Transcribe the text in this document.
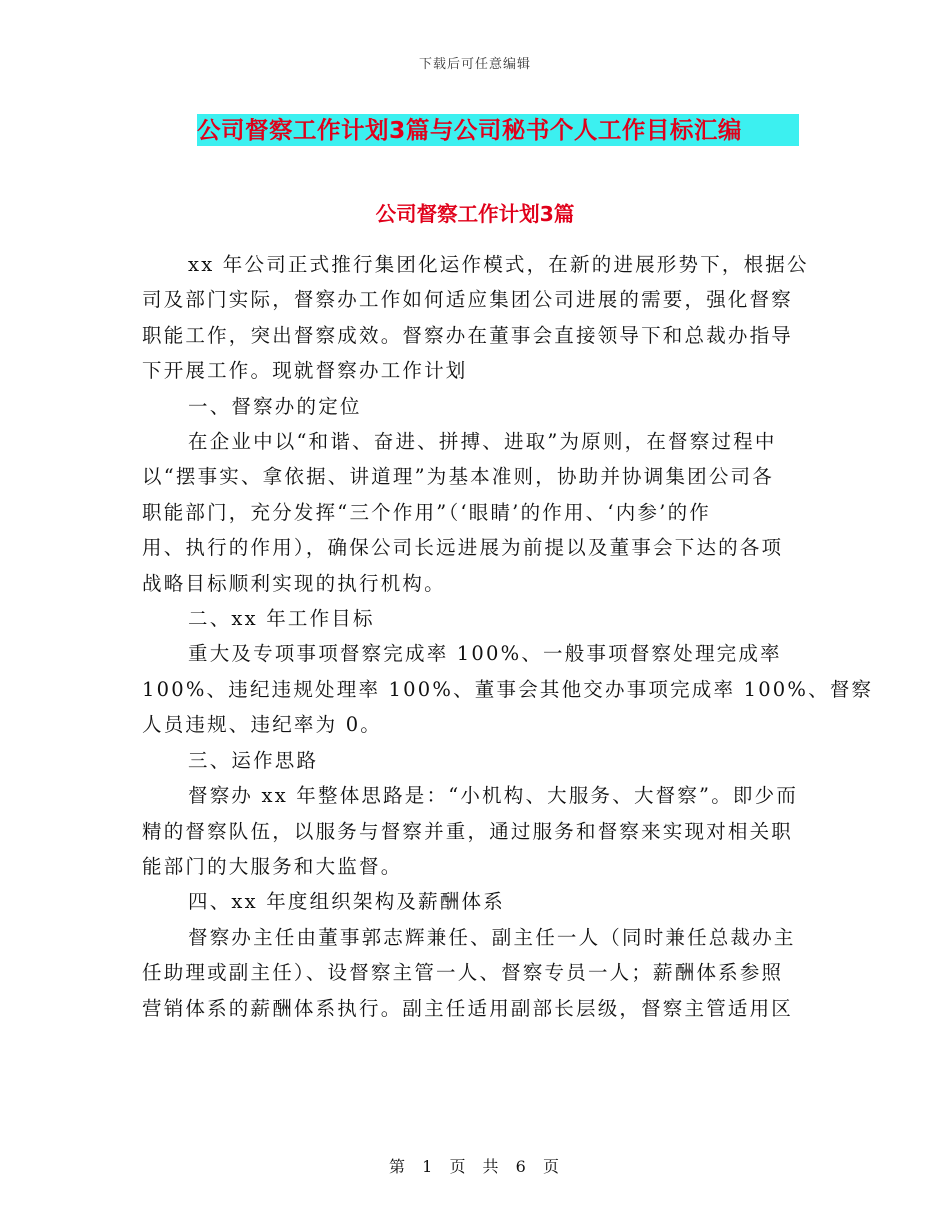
下载后可任意编辑
公司督察工作计划3篇与公司秘书个人工作目标汇编
公司督察工作计划3篇
xx 年公司正式推行集团化运作模式，在新的进展形势下，根据公
司及部门实际，督察办工作如何适应集团公司进展的需要，强化督察
职能工作，突出督察成效。督察办在董事会直接领导下和总裁办指导
下开展工作。现就督察办工作计划
一、督察办的定位
在企业中以“和谐、奋进、拼搏、进取”为原则，在督察过程中
以“摆事实、拿依据、讲道理”为基本准则，协助并协调集团公司各
职能部门，充分发挥“三个作用”（‘眼睛’的作用、‘内参’的作
用、执行的作用），确保公司长远进展为前提以及董事会下达的各项
战略目标顺利实现的执行机构。
二、xx 年工作目标
重大及专项事项督察完成率 100%、一般事项督察处理完成率
100%、违纪违规处理率 100%、董事会其他交办事项完成率 100%、督察
人员违规、违纪率为 0。
三、运作思路
督察办 xx 年整体思路是：“小机构、大服务、大督察”。即少而
精的督察队伍，以服务与督察并重，通过服务和督察来实现对相关职
能部门的大服务和大监督。
四、xx 年度组织架构及薪酬体系
督察办主任由董事郭志辉兼任、副主任一人（同时兼任总裁办主
任助理或副主任）、设督察主管一人、督察专员一人；薪酬体系参照
营销体系的薪酬体系执行。副主任适用副部长层级，督察主管适用区
第 1 页 共 6 页
